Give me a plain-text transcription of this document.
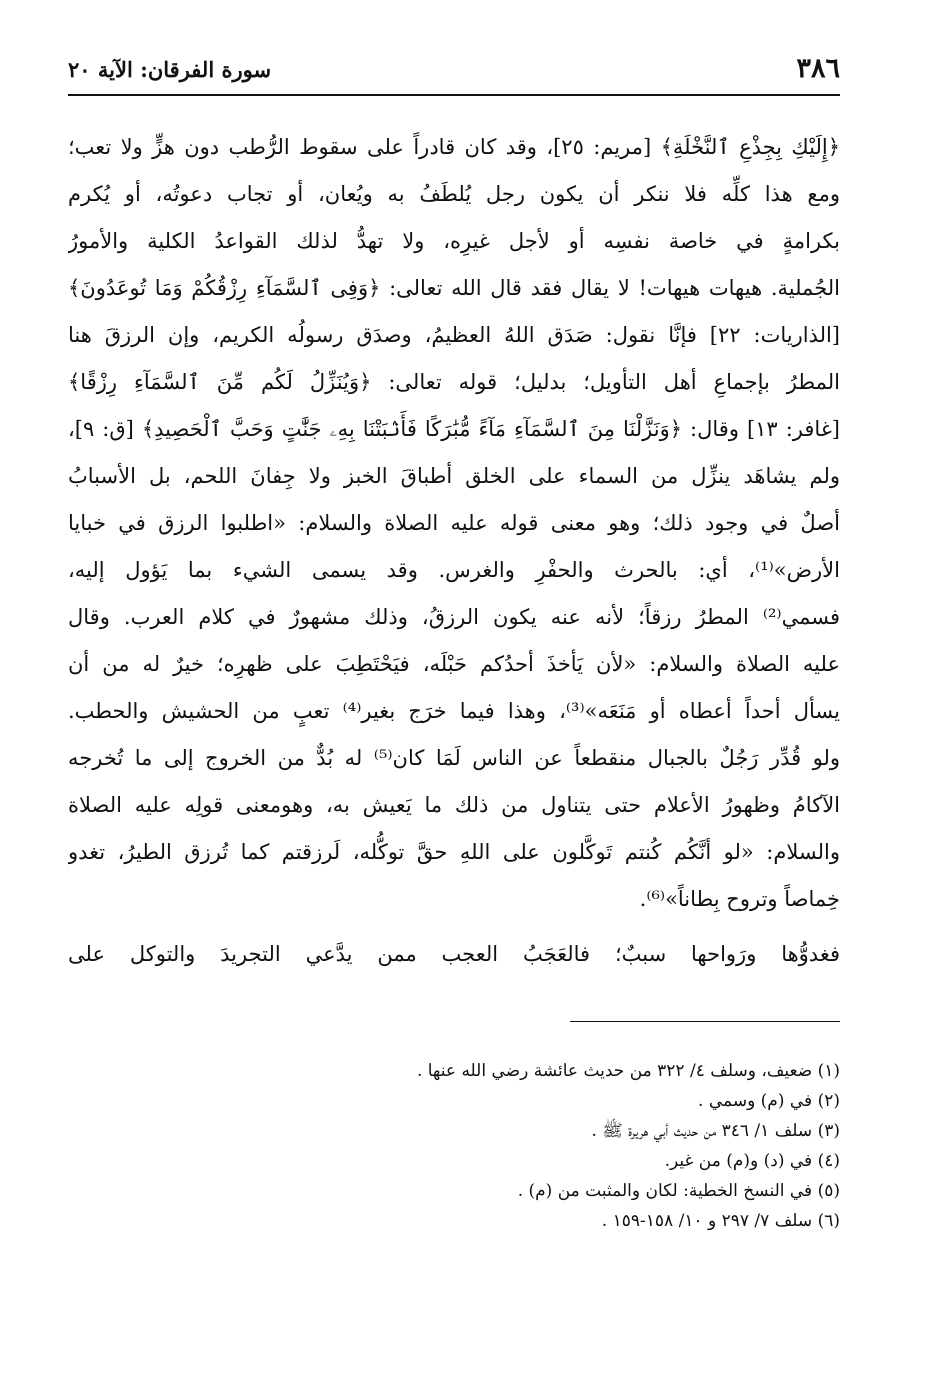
٣٨٦
سورة الفرقان: الآية ٢٠
﴿إِلَيْكِ بِجِذْعِ ٱلنَّخْلَةِ﴾ [مريم: ٢٥]، وقد كان قادراً على سقوط الرُّطب دون هزٍّ ولا تعب؛
ومع هذا كلِّه فلا ننكر أن يكون رجل يُلطَفُ به ويُعان، أو تجاب دعوتُه، أو يُكرم
بكرامةٍ في خاصة نفسِه أو لأجل غيرِه، ولا تهدُّ لذلك القواعدُ الكلية والأمورُ
الجُملية. هيهات هيهات! لا يقال فقد قال الله تعالى: ﴿وَفِى ٱلسَّمَآءِ رِزْقُكُمْ وَمَا تُوعَدُونَ﴾
[الذاريات: ٢٢] فإنَّا نقول: صَدَق اللهُ العظيمُ، وصدَق رسولُه الكريم، وإن الرزقَ هنا
المطرُ بإجماعِ أهل التأويل؛ بدليل؛ قوله تعالى: ﴿وَيُنَزِّلُ لَكُم مِّنَ ٱلسَّمَآءِ رِزْقًا﴾
[غافر: ١٣] وقال: ﴿وَنَزَّلْنَا مِنَ ٱلسَّمَآءِ مَآءً مُّبَٰرَكًا فَأَنۢبَتْنَا بِهِۦ جَنَّٰتٍ وَحَبَّ ٱلْحَصِيدِ﴾ [ق: ٩]،
ولم يشاهَد ينزِّل من السماء على الخلق أطباقَ الخبز ولا جِفانَ اللحم، بل الأسبابُ
أصلٌ في وجود ذلك؛ وهو معنى قوله عليه الصلاة والسلام: «اطلبوا الرزق في خبايا
الأرض»⁽¹⁾، أي: بالحرث والحفْرِ والغرس. وقد يسمى الشيء بما يَؤول إليه،
فسمي⁽²⁾ المطرُ رزقاً؛ لأنه عنه يكون الرزقُ، وذلك مشهورٌ في كلام العرب. وقال
عليه الصلاة والسلام: «لأن يَأخذَ أحدُكم حَبْلَه، فيَحْتَطِبَ على ظهرِه؛ خيرٌ له من أن
يسأل أحداً أعطاه أو مَنَعَه»⁽³⁾، وهذا فيما خرَج بغير⁽⁴⁾ تعبٍ من الحشيش والحطب.
ولو قُدِّر رَجُلٌ بالجبال منقطعاً عن الناس لَمَا كان⁽⁵⁾ له بُدٌّ من الخروج إلى ما تُخرجه
الآكامُ وظهورُ الأعلام حتى يتناول من ذلك ما يَعيش به، وهومعنى قولِه عليه الصلاة
والسلام: «لو أنَّكُم كُنتم تَوكَّلون على اللهِ حقَّ توكُّله، لَرزقتم كما تُرزق الطيرُ، تغدو
خِماصاً وتروح بِطاناً»⁽⁶⁾.
فغدوُّها ورَواحها سببٌ؛ فالعَجَبُ العجب ممن يدَّعي التجريدَ والتوكل على
(١) ضعيف، وسلف ٤/ ٣٢٢ من حديث عائشة رضي الله عنها .
(٢) في (م) وسمي .
(٣) سلف ١/ ٣٤٦ من حديث أبي هريرة ﷺ .
(٤) في (د) و(م) من غير.
(٥) في النسخ الخطية: لكان والمثبت من (م) .
(٦) سلف ٧/ ٢٩٧ و ١٠/ ١٥٨-١٥٩ .
